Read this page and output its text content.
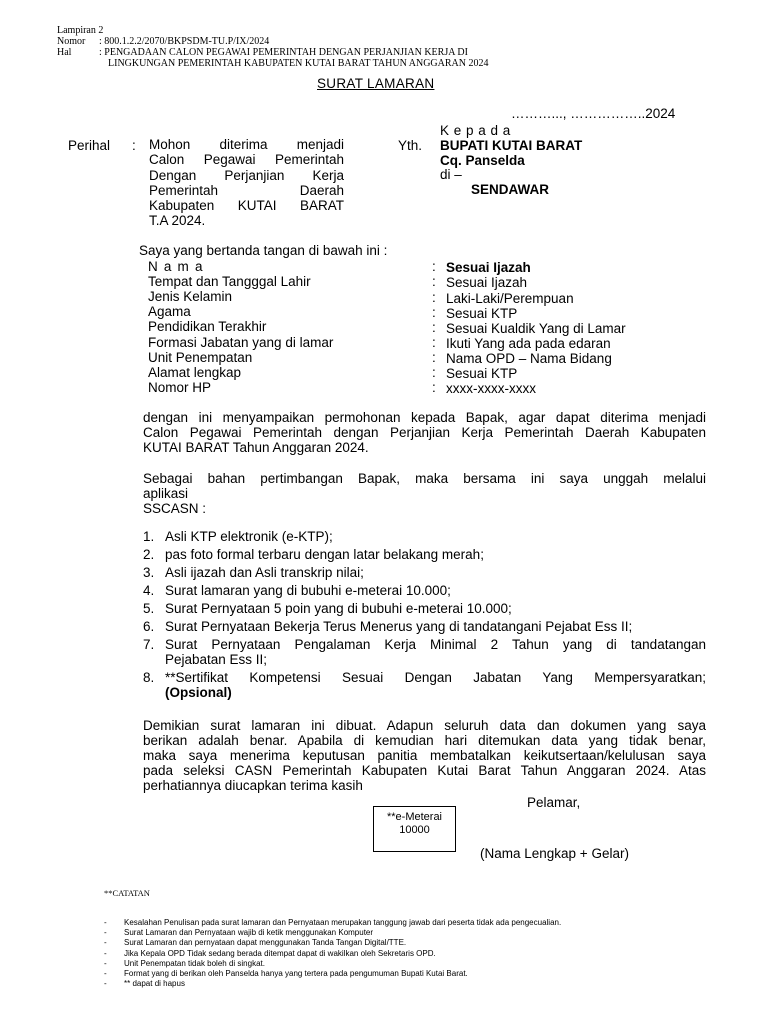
Lampiran 2
Nomor : 800.1.2.2/2070/BKPSDM-TU.P/IX/2024
Hal	: PENGADAAN CALON PEGAWAI PEMERINTAH DENGAN PERJANJIAN KERJA DI
LINGKUNGAN PEMERINTAH KABUPATEN KUTAI BARAT TAHUN ANGGARAN 2024
SURAT LAMARAN
………..., ……………..2024
Perihal : Mohon diterima menjadi
Calon Pegawai Pemerintah
Dengan Perjanjian Kerja
Pemerintah Daerah
Kabupaten KUTAI BARAT
T.A 2024.
K e p a d a
Yth. BUPATI KUTAI BARAT
Cq. Panselda
di –
SENDAWAR
Saya yang bertanda tangan di bawah ini :
N a m a	: Sesuai Ijazah
Tempat dan Tangggal Lahir	: Sesuai Ijazah
Jenis Kelamin	: Laki-Laki/Perempuan
Agama	: Sesuai KTP
Pendidikan Terakhir	: Sesuai Kualdik Yang di Lamar
Formasi Jabatan yang di lamar	: Ikuti Yang ada pada edaran
Unit Penempatan	: Nama OPD – Nama Bidang
Alamat lengkap	: Sesuai KTP
Nomor HP	: xxxx-xxxx-xxxx
dengan ini menyampaikan permohonan kepada Bapak, agar dapat diterima menjadi
Calon Pegawai Pemerintah dengan Perjanjian Kerja Pemerintah Daerah Kabupaten
KUTAI BARAT Tahun Anggaran 2024.
Sebagai bahan pertimbangan Bapak, maka bersama ini saya unggah melalui
aplikasi
SSCASN :
1. Asli KTP elektronik (e-KTP);
2. pas foto formal terbaru dengan latar belakang merah;
3. Asli ijazah dan Asli transkrip nilai;
4. Surat lamaran yang di bubuhi e-meterai 10.000;
5. Surat Pernyataan 5 poin yang di bubuhi e-meterai 10.000;
6. Surat Pernyataan Bekerja Terus Menerus yang di tandatangani Pejabat Ess II;
7. Surat Pernyataan Pengalaman Kerja Minimal 2 Tahun yang di tandatangan
Pejabatan Ess II;
8. **Sertifikat Kompetensi Sesuai Dengan Jabatan Yang Mempersyaratkan;
(Opsional)
Demikian surat lamaran ini dibuat. Adapun seluruh data dan dokumen yang saya
berikan adalah benar. Apabila di kemudian hari ditemukan data yang tidak benar,
maka saya menerima keputusan panitia membatalkan keikutsertaan/kelulusan saya
pada seleksi CASN Pemerintah Kabupaten Kutai Barat Tahun Anggaran 2024. Atas
perhatiannya diucapkan terima kasih
Pelamar,
**e-Meterai
10000
(Nama Lengkap + Gelar)
**CATATAN
- Kesalahan Penulisan pada surat lamaran dan Pernyataan merupakan tanggung jawab dari peserta tidak ada pengecualian.
- Surat Lamaran dan Pernyataan wajib di ketik menggunakan Komputer
- Surat Lamaran dan pernyataan dapat menggunakan Tanda Tangan Digital/TTE.
- Jika Kepala OPD Tidak sedang berada ditempat dapat di wakilkan oleh Sekretaris OPD.
- Unit Penempatan tidak boleh di singkat.
- Format yang di berikan oleh Panselda hanya yang tertera pada pengumuman Bupati Kutai Barat.
- ** dapat di hapus
